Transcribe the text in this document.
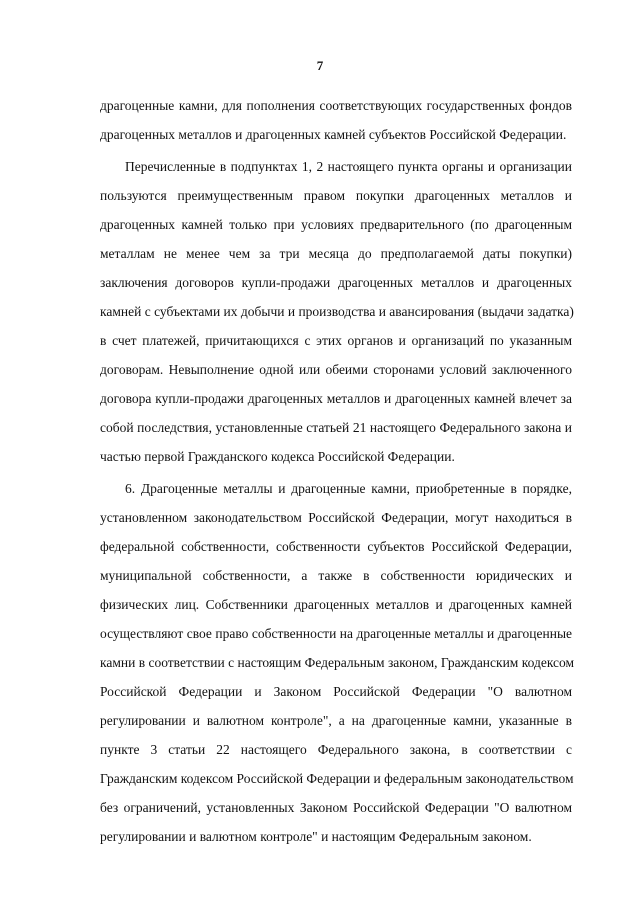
7
драгоценные камни, для пополнения соответствующих государственных фондов
драгоценных металлов и драгоценных камней субъектов Российской Федерации.
Перечисленные в подпунктах 1, 2 настоящего пункта органы и организации
пользуются преимущественным правом покупки драгоценных металлов и
драгоценных камней только при условиях предварительного (по драгоценным
металлам не менее чем за три месяца до предполагаемой даты покупки)
заключения договоров купли-продажи драгоценных металлов и драгоценных
камней с субъектами их добычи и производства и авансирования (выдачи задатка)
в счет платежей, причитающихся с этих органов и организаций по указанным
договорам. Невыполнение одной или обеими сторонами условий заключенного
договора купли-продажи драгоценных металлов и драгоценных камней влечет за
собой последствия, установленные статьей 21 настоящего Федерального закона и
частью первой Гражданского кодекса Российской Федерации.
6. Драгоценные металлы и драгоценные камни, приобретенные в порядке,
установленном законодательством Российской Федерации, могут находиться в
федеральной собственности, собственности субъектов Российской Федерации,
муниципальной собственности, а также в собственности юридических и
физических лиц. Собственники драгоценных металлов и драгоценных камней
осуществляют свое право собственности на драгоценные металлы и драгоценные
камни в соответствии с настоящим Федеральным законом, Гражданским кодексом
Российской Федерации и Законом Российской Федерации "О валютном
регулировании и валютном контроле", а на драгоценные камни, указанные в
пункте 3 статьи 22 настоящего Федерального закона, в соответствии с
Гражданским кодексом Российской Федерации и федеральным законодательством
без ограничений, установленных Законом Российской Федерации "О валютном
регулировании и валютном контроле" и настоящим Федеральным законом.
